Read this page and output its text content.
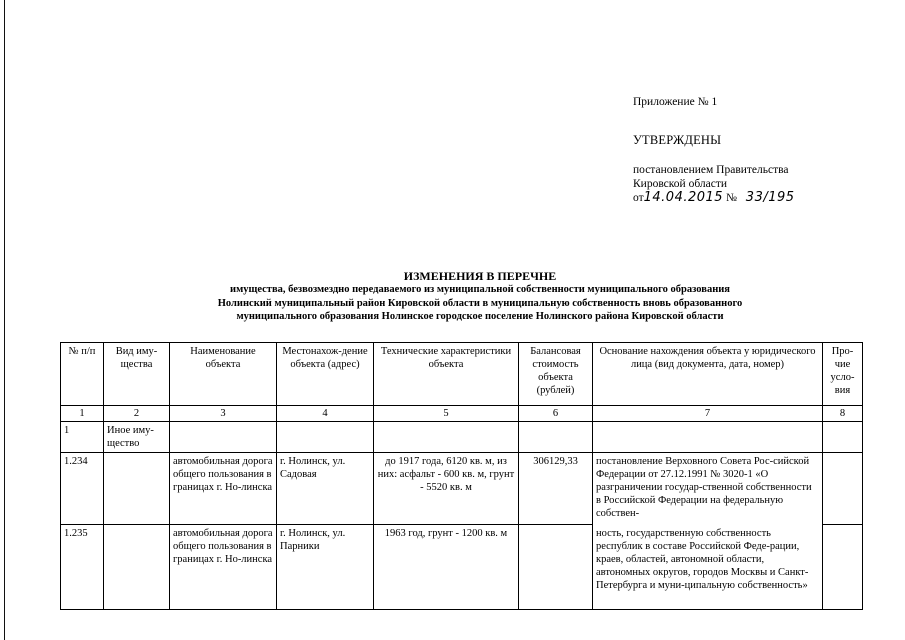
Приложение № 1
УТВЕРЖДЕНЫ
постановлением Правительства
Кировской области
от14.04.2015 № 33/195
ИЗМЕНЕНИЯ В ПЕРЕЧНЕ
имущества, безвозмездно передаваемого из муниципальной собственности муниципального образования
Нолинский муниципальный район Кировской области в муниципальную собственность вновь образованного
муниципального образования Нолинское городское поселение Нолинского района Кировской области
№ п/п	Вид иму-щества	Наименование объекта	Местонахож-дение объекта (адрес)	Технические характеристики объекта	Балансовая стоимость объекта (рублей)	Основание нахождения объекта у юридического лица (вид документа, дата, номер)	Про-чие усло-вия
1	2	3	4	5	6	7	8
1	Иное иму-щество						
1.234		автомобильная дорога общего пользования в границах г. Но-линска	г. Нолинск, ул. Садовая	до 1917 года, 6120 кв. м, из них: асфальт - 600 кв. м, грунт - 5520 кв. м	306129,33	постановление Верховного Совета Рос-сийской Федерации от 27.12.1991 № 3020-1 «О разграничении государ-ственной собственности в Российской Федерации на федеральную собствен-	
1.235		автомобильная дорога общего пользования в границах г. Но-линска	г. Нолинск, ул. Парники	1963 год, грунт - 1200 кв. м		ность, государственную собственность республик в составе Российской Феде-рации, краев, областей, автономной области, автономных округов, городов Москвы и Санкт- Петербурга и муни-ципальную собственность»	
